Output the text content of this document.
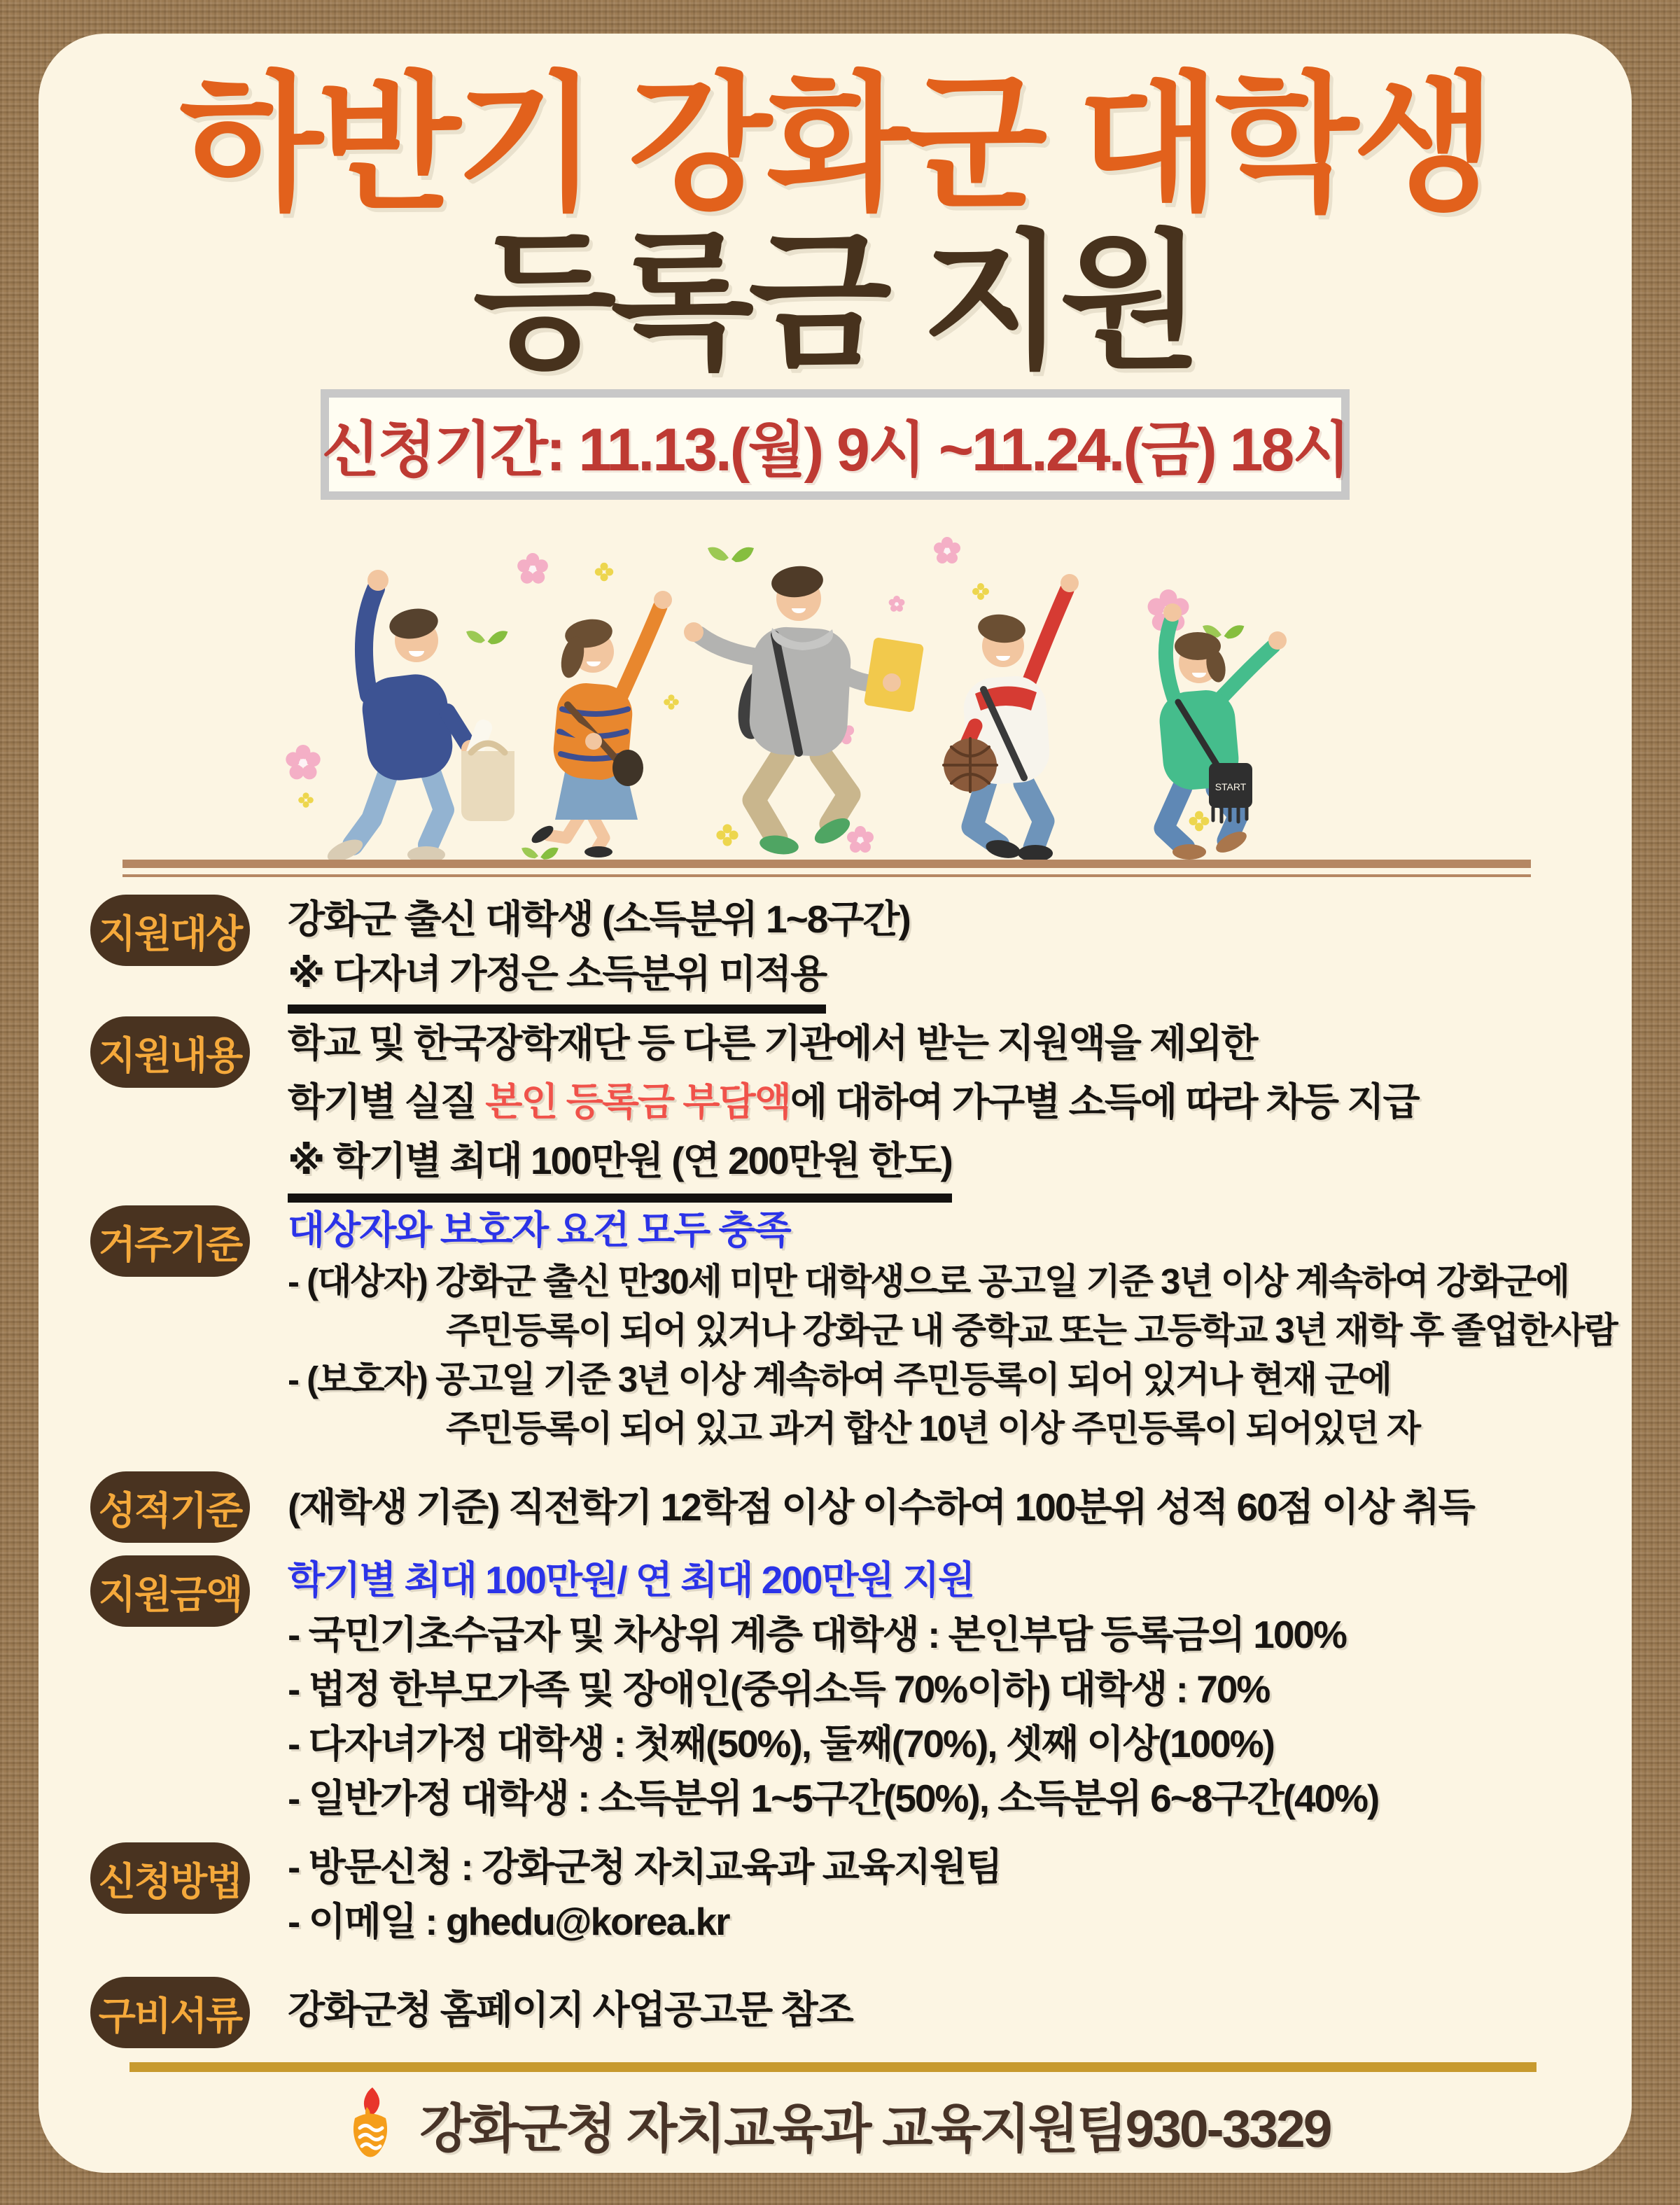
하반기 강화군 대학생
등록금 지원
신청기간: 11.13.(월) 9시 ~11.24.(금) 18시
START
지원대상 강화군 출신 대학생 (소득분위 1~8구간)
※ 다자녀 가정은 소득분위 미적용
지원내용 학교 및 한국장학재단 등 다른 기관에서 받는 지원액을 제외한
학기별 실질 본인 등록금 부담액에 대하여 가구별 소득에 따라 차등 지급
※ 학기별 최대 100만원 (연 200만원 한도)
거주기준 대상자와 보호자 요건 모두 충족
- (대상자) 강화군 출신 만30세 미만 대학생으로 공고일 기준 3년 이상 계속하여 강화군에
주민등록이 되어 있거나 강화군 내 중학교 또는 고등학교 3년 재학 후 졸업한사람
- (보호자) 공고일 기준 3년 이상 계속하여 주민등록이 되어 있거나 현재 군에
주민등록이 되어 있고 과거 합산 10년 이상 주민등록이 되어있던 자
성적기준 (재학생 기준) 직전학기 12학점 이상 이수하여 100분위 성적 60점 이상 취득
지원금액 학기별 최대 100만원/ 연 최대 200만원 지원
- 국민기초수급자 및 차상위 계층 대학생 : 본인부담 등록금의 100%
- 법정 한부모가족 및 장애인(중위소득 70%이하) 대학생 : 70%
- 다자녀가정 대학생 : 첫째(50%), 둘째(70%), 셋째 이상(100%)
- 일반가정 대학생 : 소득분위 1~5구간(50%), 소득분위 6~8구간(40%)
신청방법 - 방문신청 : 강화군청 자치교육과 교육지원팀
- 이메일 : ghedu@korea.kr
구비서류 강화군청 홈페이지 사업공고문 참조
강화군청 자치교육과 교육지원팀930-3329
